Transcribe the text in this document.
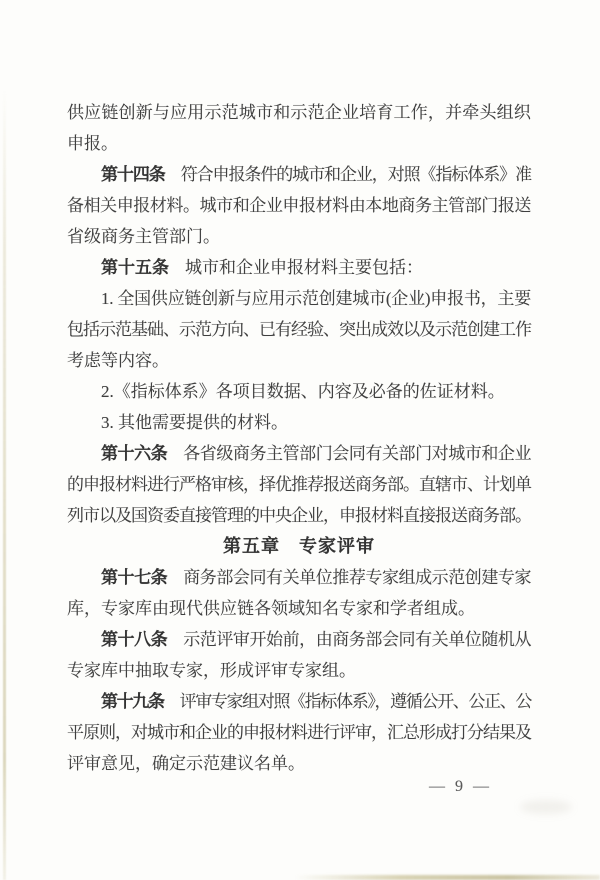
供应链创新与应用示范城市和示范企业培育工作，并牵头组织
申报。
第十四条 符合申报条件的城市和企业，对照《指标体系》准
备相关申报材料。城市和企业申报材料由本地商务主管部门报送
省级商务主管部门。
第十五条 城市和企业申报材料主要包括：
1. 全国供应链创新与应用示范创建城市(企业)申报书，主要
包括示范基础、示范方向、已有经验、突出成效以及示范创建工作
考虑等内容。
2.《指标体系》各项目数据、内容及必备的佐证材料。
3. 其他需要提供的材料。
第十六条 各省级商务主管部门会同有关部门对城市和企业
的申报材料进行严格审核，择优推荐报送商务部。直辖市、计划单
列市以及国资委直接管理的中央企业，申报材料直接报送商务部。
第五章　专家评审
第十七条 商务部会同有关单位推荐专家组成示范创建专家
库，专家库由现代供应链各领域知名专家和学者组成。
第十八条 示范评审开始前，由商务部会同有关单位随机从
专家库中抽取专家，形成评审专家组。
第十九条 评审专家组对照《指标体系》，遵循公开、公正、公
平原则，对城市和企业的申报材料进行评审，汇总形成打分结果及
评审意见，确定示范建议名单。
— 9 —
